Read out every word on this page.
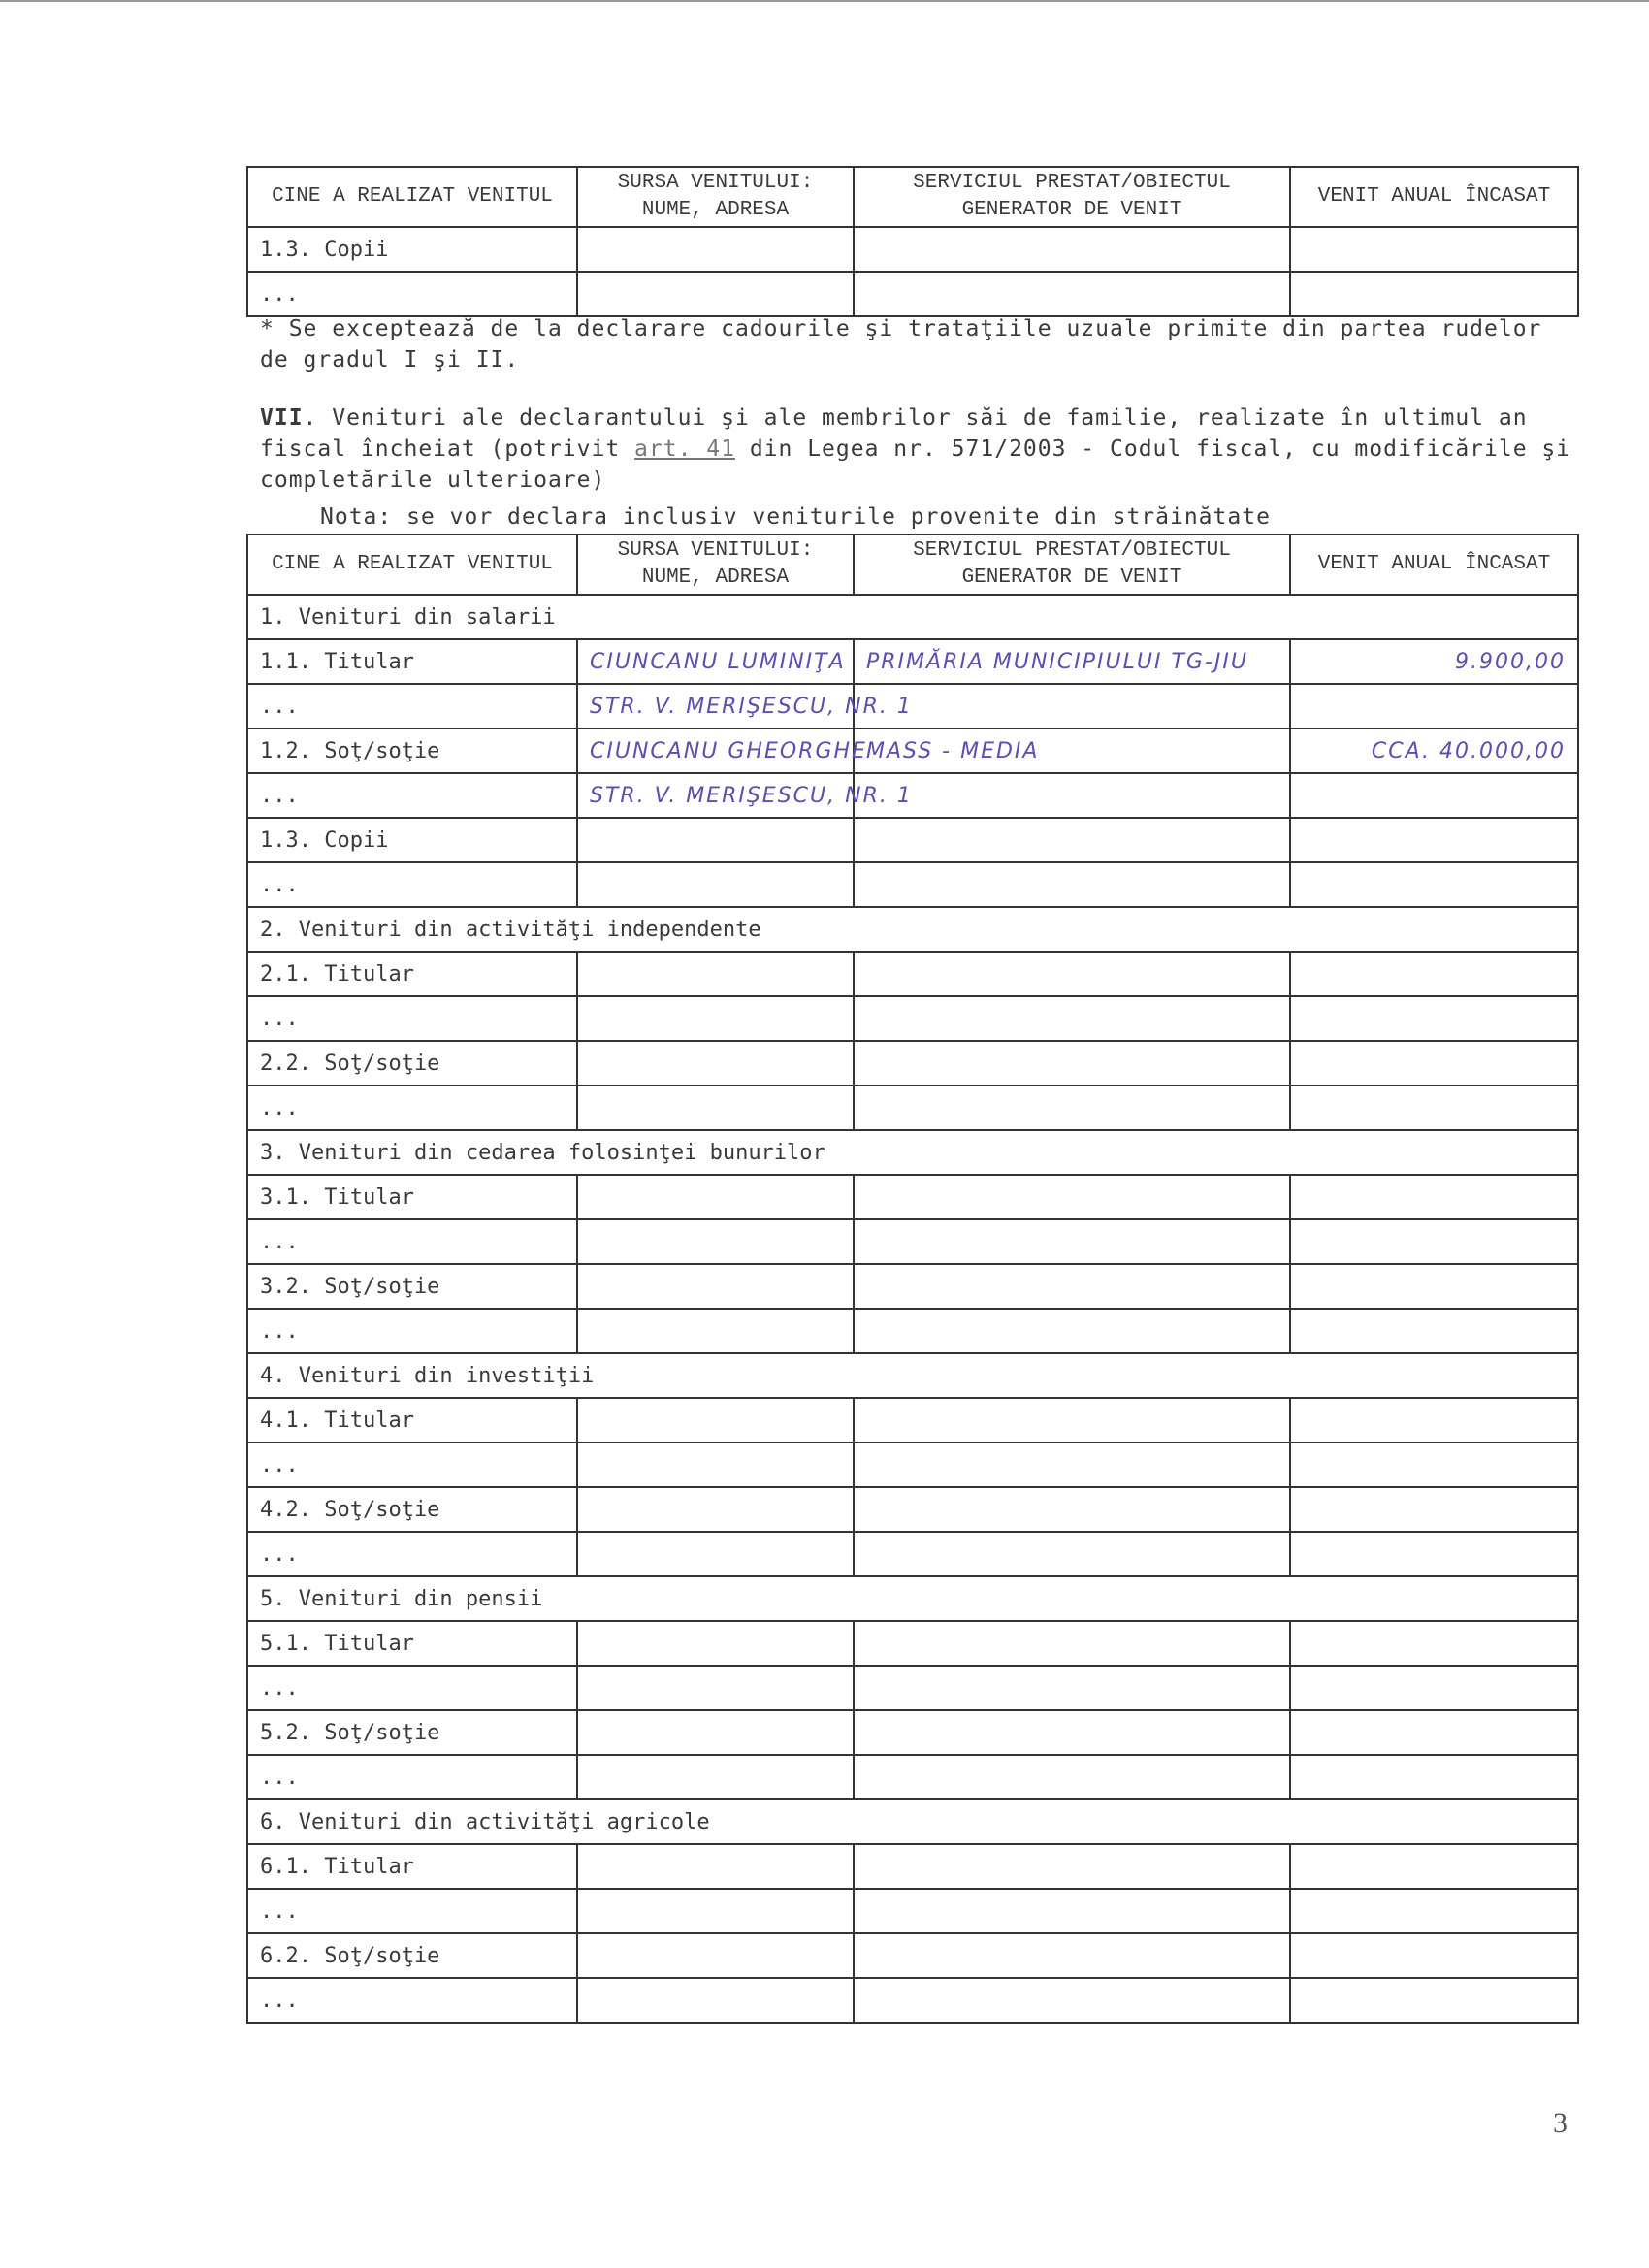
CINE A REALIZAT VENITUL	SURSA VENITULUI: NUME, ADRESA	SERVICIUL PRESTAT/OBIECTUL GENERATOR DE VENIT	VENIT ANUAL ÎNCASAT
1.3. Copii			
...			
* Se exceptează de la declarare cadourile şi trataţiile uzuale primite din partea rudelor de gradul I şi II.
VII. Venituri ale declarantului şi ale membrilor săi de familie, realizate în ultimul an fiscal încheiat (potrivit art. 41 din Legea nr. 571/2003 - Codul fiscal, cu modificările şi completările ulterioare)
Nota: se vor declara inclusiv veniturile provenite din străinătate
CINE A REALIZAT VENITUL	SURSA VENITULUI: NUME, ADRESA	SERVICIUL PRESTAT/OBIECTUL GENERATOR DE VENIT	VENIT ANUAL ÎNCASAT
1. Venituri din salarii			
1.1. Titular	CIUNCANU LUMINIŢA	PRIMĂRIA MUNICIPIULUI TG-JIU	9.900,00
...	STR. V. MERIŞESCU, NR. 1		
1.2. Soţ/soţie	CIUNCANU GHEORGHE	MASS - MEDIA	CCA. 40.000,00
...	STR. V. MERIŞESCU, NR. 1		
1.3. Copii			
...			
2. Venituri din activităţi independente			
2.1. Titular			
...			
2.2. Soţ/soţie			
...			
3. Venituri din cedarea folosinţei bunurilor			
3.1. Titular			
...			
3.2. Soţ/soţie			
...			
4. Venituri din investiţii			
4.1. Titular			
...			
4.2. Soţ/soţie			
...			
5. Venituri din pensii			
5.1. Titular			
...			
5.2. Soţ/soţie			
...			
6. Venituri din activităţi agricole			
6.1. Titular			
...			
6.2. Soţ/soţie			
...			
3
